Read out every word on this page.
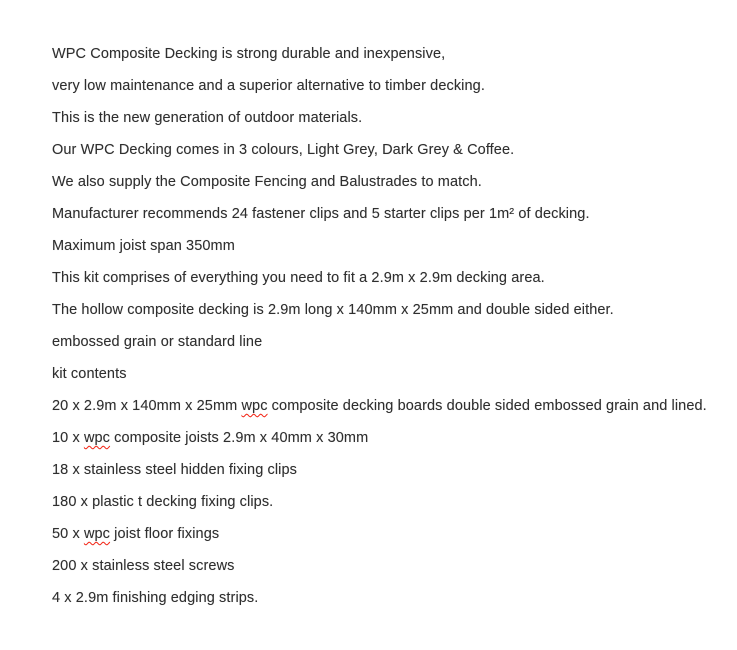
WPC Composite Decking is strong durable and inexpensive,

very low maintenance and a superior alternative to timber decking.

This is the new generation of outdoor materials.

Our WPC Decking comes in 3 colours, Light Grey, Dark Grey & Coffee.

We also supply the Composite Fencing and Balustrades to match.

Manufacturer recommends 24 fastener clips and 5 starter clips per 1m² of decking.

Maximum joist span 350mm

This kit comprises of everything you need to fit a 2.9m x 2.9m decking area.

The hollow composite decking is 2.9m long x 140mm x 25mm and double sided either.

embossed grain or standard line

kit contents

20 x 2.9m x 140mm x 25mm wpc composite decking boards double sided embossed grain and lined.

10 x wpc composite joists 2.9m x 40mm x 30mm

18 x stainless steel hidden fixing clips

180 x plastic t decking fixing clips.

50 x wpc joist floor fixings

200 x stainless steel screws

4 x 2.9m finishing edging strips.
